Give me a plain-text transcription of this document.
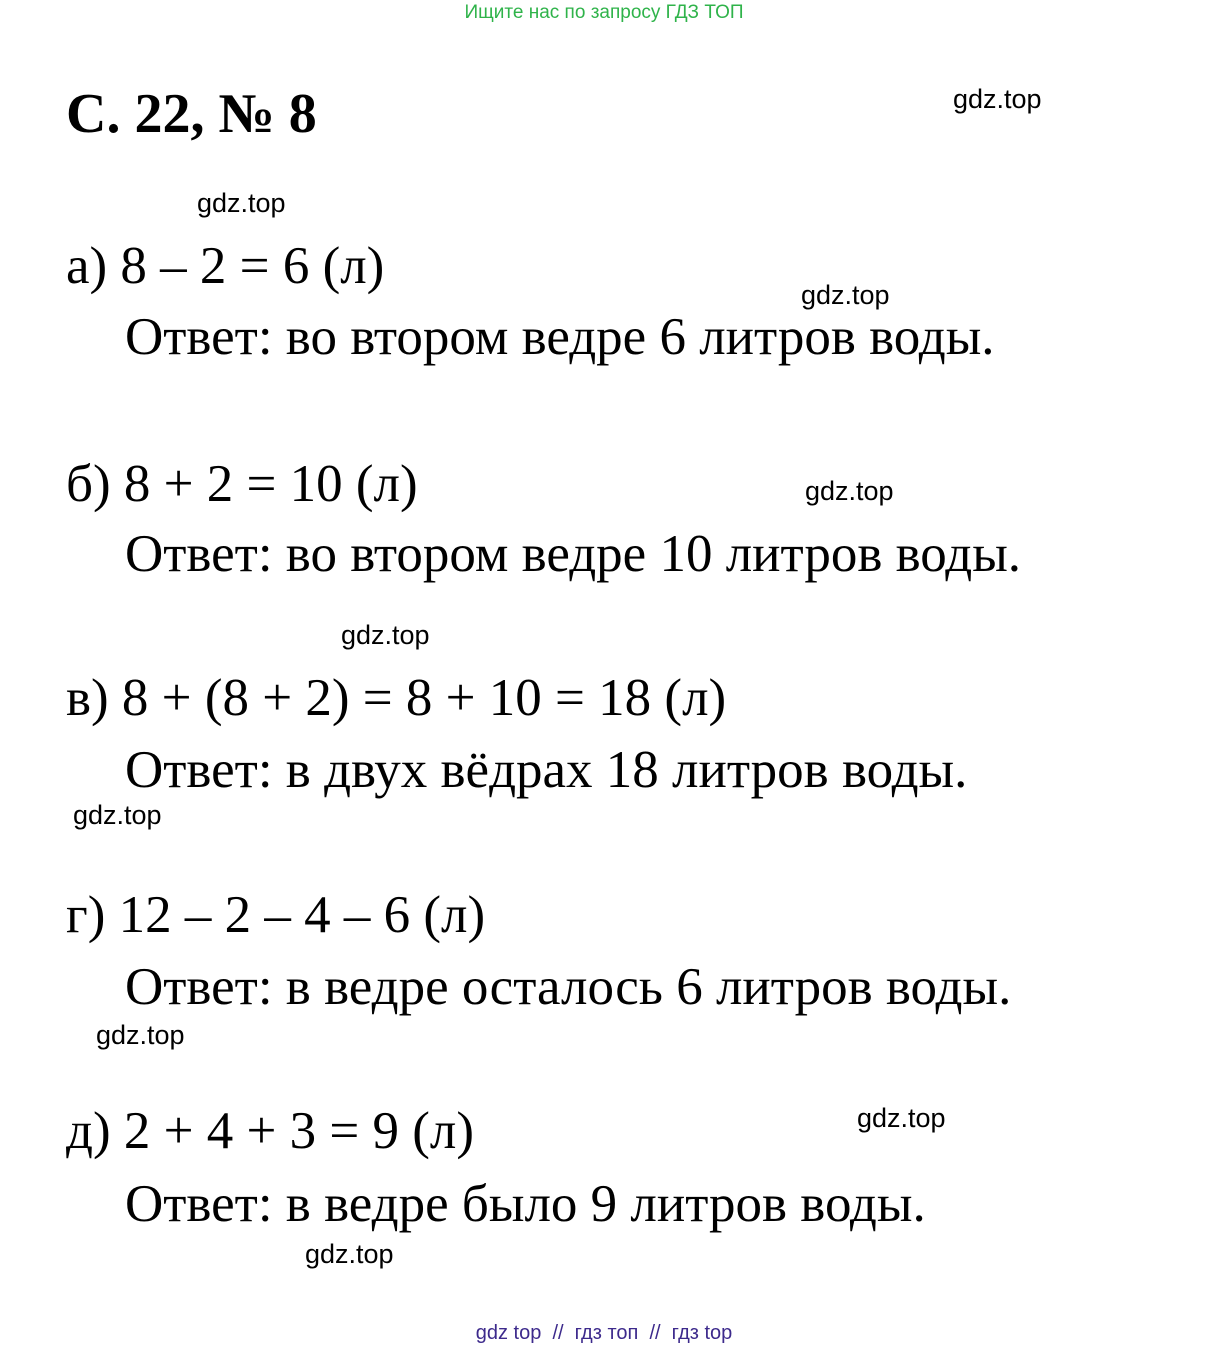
Ищите нас по запросу ГДЗ ТОП
С. 22, № 8	gdz.top
gdz.top
gdz.top
gdz.top
gdz.top
gdz.top
gdz.top
gdz.top
gdz.top
а) 8 – 2 = 6 (л)
Ответ: во втором ведре 6 литров воды.
б) 8 + 2 = 10 (л)
Ответ: во втором ведре 10 литров воды.
в) 8 + (8 + 2) = 8 + 10 = 18 (л)
Ответ: в двух вёдрах 18 литров воды.
г) 12 – 2 – 4 – 6 (л)
Ответ: в ведре осталось 6 литров воды.
д) 2 + 4 + 3 = 9 (л)
Ответ: в ведре было 9 литров воды.
gdz top  //  гдз топ  //  гдз top
